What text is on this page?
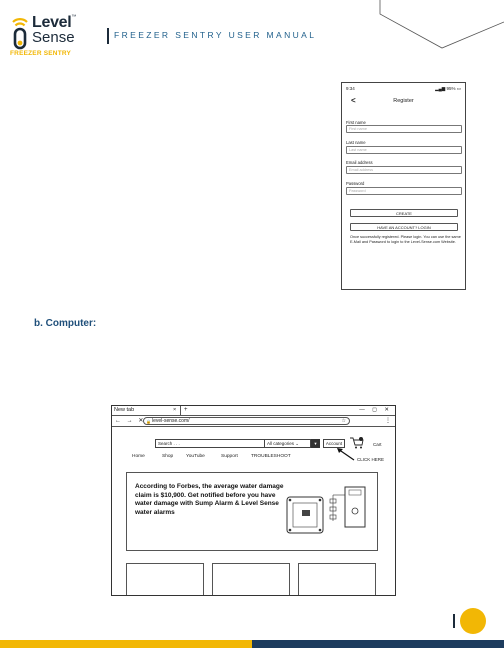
Level™
Sense
FREEZER SENTRY
FREEZER SENTRY USER MANUAL
9:34	▂▄▆ 95% ▭
<	Register
First name
First name
Last name
Last name
Email address
Email address
Password
Password
CREATE
HAVE AN ACCOUNT? LOGIN
Once successfully registered. Please login. You can use the same E-Mail and Password to login to the Level-Sense.com Website.
b. Computer:
New tab	× +	— ◻ ✕
← → ✕ 🔒 level-sense.com/	☆	⋮
Search . . .	All categories ⌄	▾	Account	Cart
CLICK HERE
Home	Shop	YouTube	Support	TROUBLESHOOT
According to Forbes, the average water damage claim is $10,900. Get notified before you have water damage with Sump Alarm & Level Sense water alarms
